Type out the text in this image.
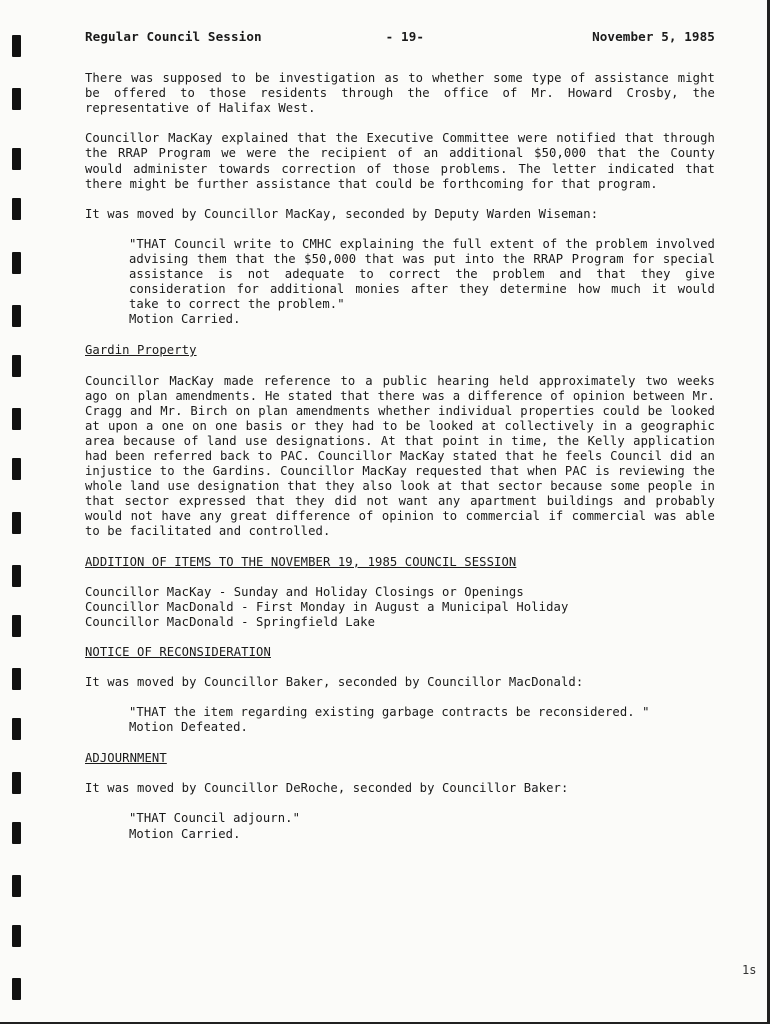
Regular Council Session	- 19-	November 5, 1985

There was supposed to be investigation as to whether some type of assistance might be offered to those residents through the office of Mr. Howard Crosby, the representative of Halifax West.

Councillor MacKay explained that the Executive Committee were notified that through the RRAP Program we were the recipient of an additional $50,000 that the County would administer towards correction of those problems. The letter indicated that there might be further assistance that could be forthcoming for that program.

It was moved by Councillor MacKay, seconded by Deputy Warden Wiseman:

"THAT Council write to CMHC explaining the full extent of the problem involved advising them that the $50,000 that was put into the RRAP Program for special assistance is not adequate to correct the problem and that they give consideration for additional monies after they determine how much it would take to correct the problem."

Motion Carried.
Gardin Property

Councillor MacKay made reference to a public hearing held approximately two weeks ago on plan amendments. He stated that there was a difference of opinion between Mr. Cragg and Mr. Birch on plan amendments whether individual properties could be looked at upon a one on one basis or they had to be looked at collectively in a geographic area because of land use designations. At that point in time, the Kelly application had been referred back to PAC. Councillor MacKay stated that he feels Council did an injustice to the Gardins. Councillor MacKay requested that when PAC is reviewing the whole land use designation that they also look at that sector because some people in that sector expressed that they did not want any apartment buildings and probably would not have any great difference of opinion to commercial if commercial was able to be facilitated and controlled.

ADDITION OF ITEMS TO THE NOVEMBER 19, 1985 COUNCIL SESSION
Councillor MacKay - Sunday and Holiday Closings or Openings
Councillor MacDonald - First Monday in August a Municipal Holiday
Councillor MacDonald - Springfield Lake
NOTICE OF RECONSIDERATION

It was moved by Councillor Baker, seconded by Councillor MacDonald:

"THAT the item regarding existing garbage contracts be reconsidered. "

Motion Defeated.
ADJOURNMENT

It was moved by Councillor DeRoche, seconded by Councillor Baker:

"THAT Council adjourn."

Motion Carried.
1s
